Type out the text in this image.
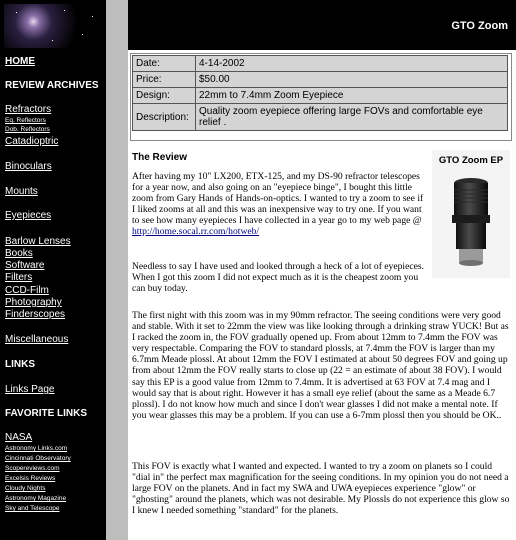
HOME
REVIEW ARCHIVES
Refractors
Eq. Reflectors
Dob. Reflectors
Catadioptric
Binoculars
Mounts
Eyepieces
Barlow Lenses
Books
Software
Filters
CCD-Film
Photography
Finderscopes
Miscellaneous
LINKS
Links Page
FAVORITE LINKS
NASA
Astronomy Links.com
Cincinnati Observatory
Scopereviews.com
Excelsis Reviews
Cloudy Nights
Astronomy Magazine
Sky and Telescope
GTO Zoom
Date:	4-14-2002
Price:	$50.00
Design:	22mm to 7.4mm Zoom Eyepiece
Description:	Quality zoom eyepiece offering large FOVs and comfortable eye relief .
The Review	GTO Zoom EP
After having my 10" LX200, ETX-125, and my DS-90 refractor telescopes for a year now, and also going on an "eyepiece binge", I bought this little zoom from Gary Hands of Hands-on-optics. I wanted to try a zoom to see if I liked zooms at all and this was an inexpensive way to try one. If you want to see how many eyepieces I have collected in a year go to my web page @ http://home.socal.rr.com/hotweb/
Needless to say I have used and looked through a heck of a lot of eyepieces. When I got this zoom I did not expect much as it is the cheapest zoom you can buy today.
The first night with this zoom was in my 90mm refractor. The seeing conditions were very good and stable. With it set to 22mm the view was like looking through a drinking straw YUCK! But as I racked the zoom in, the FOV gradually opened up. From about 12mm to 7.4mm the FOV was very respectable. Comparing the FOV to standard plossls, at 7.4mm the FOV is larger than my 6.7mm Meade plossl. At about 12mm the FOV I estimated at about 50 degrees FOV and going up from about 12mm the FOV really starts to close up (22 = an estimate of about 38 FOV). I would say this EP is a good value from 12mm to 7.4mm. It is advertised at 63 FOV at 7.4 mag and I would say that is about right. However it has a small eye relief (about the same as a Meade 6.7 plossl). I do not know how much and since I don't wear glasses I did not make a mental note. If you wear glasses this may be a problem. If you can use a 6-7mm plossl then you should be OK..
This FOV is exactly what I wanted and expected. I wanted to try a zoom on planets so I could "dial in" the perfect max magnification for the seeing conditions. In my opinion you do not need a large FOV on the planets. And in fact my SWA and UWA eyepieces experience "glow" or "ghosting" around the planets, which was not desirable. My Plossls do not experience this glow so I knew I needed something "standard" for the planets.
